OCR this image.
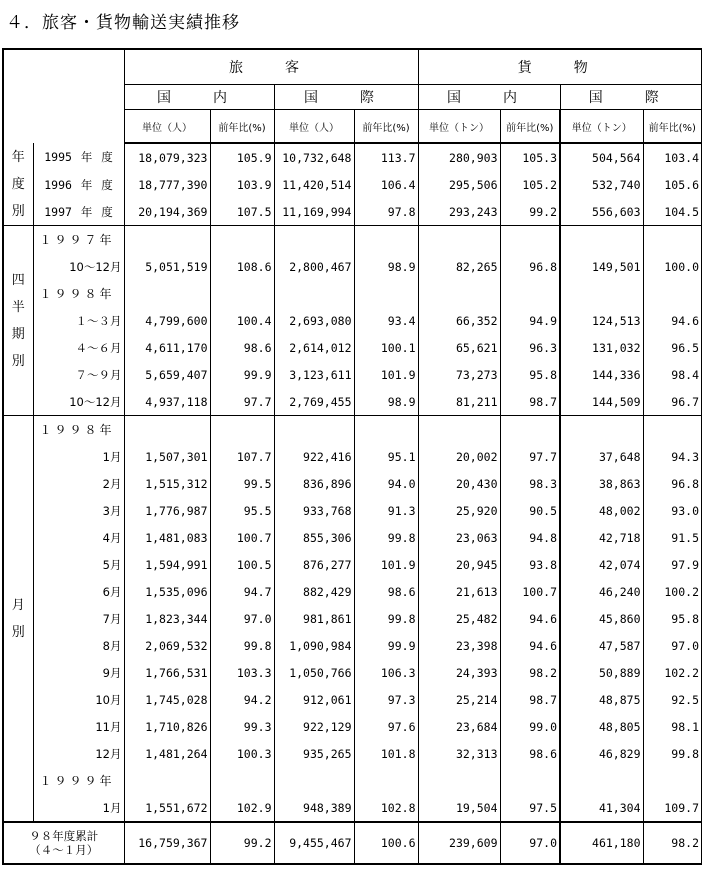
４．旅客・貨物輸送実績推移
		旅　客				貨　物			
		国　内		国　際		国　内		国　際	
		単位（人）	前年比(%)	単位（人）	前年比(%)	単位（トン）	前年比(%)	単位（トン）	前年比(%)

年
度
別	1995 年 度	18,079,323	105.9	10,732,648	113.7	280,903	105.3	504,564	103.4
	1996 年 度	18,777,390	103.9	11,420,514	106.4	295,506	105.2	532,740	105.6
	1997 年 度	20,194,369	107.5	11,169,994	97.8	293,243	99.2	556,603	104.5

四
半
期
別	１９９７年								
	10～12月	5,051,519	108.6	2,800,467	98.9	82,265	96.8	149,501	100.0
	１９９８年								
	１～３月	4,799,600	100.4	2,693,080	93.4	66,352	94.9	124,513	94.6
	４～６月	4,611,170	98.6	2,614,012	100.1	65,621	96.3	131,032	96.5
	７～９月	5,659,407	99.9	3,123,611	101.9	73,273	95.8	144,336	98.4
	10～12月	4,937,118	97.7	2,769,455	98.9	81,211	98.7	144,509	96.7

月
別	１９９８年								
	1月	1,507,301	107.7	922,416	95.1	20,002	97.7	37,648	94.3
	2月	1,515,312	99.5	836,896	94.0	20,430	98.3	38,863	96.8
	3月	1,776,987	95.5	933,768	91.3	25,920	90.5	48,002	93.0
	4月	1,481,083	100.7	855,306	99.8	23,063	94.8	42,718	91.5
	5月	1,594,991	100.5	876,277	101.9	20,945	93.8	42,074	97.9
	6月	1,535,096	94.7	882,429	98.6	21,613	100.7	46,240	100.2
	7月	1,823,344	97.0	981,861	99.8	25,482	94.6	45,860	95.8
	8月	2,069,532	99.8	1,090,984	99.9	23,398	94.6	47,587	97.0
	9月	1,766,531	103.3	1,050,766	106.3	24,393	98.2	50,889	102.2
	10月	1,745,028	94.2	912,061	97.3	25,214	98.7	48,875	92.5
	11月	1,710,826	99.3	922,129	97.6	23,684	99.0	48,805	98.1
	12月	1,481,264	100.3	935,265	101.8	32,313	98.6	46,829	99.8
	１９９９年								
	1月	1,551,672	102.9	948,389	102.8	19,504	97.5	41,304	109.7

９８年度累計
（４～１月）		16,759,367	99.2	9,455,467	100.6	239,609	97.0	461,180	98.2
